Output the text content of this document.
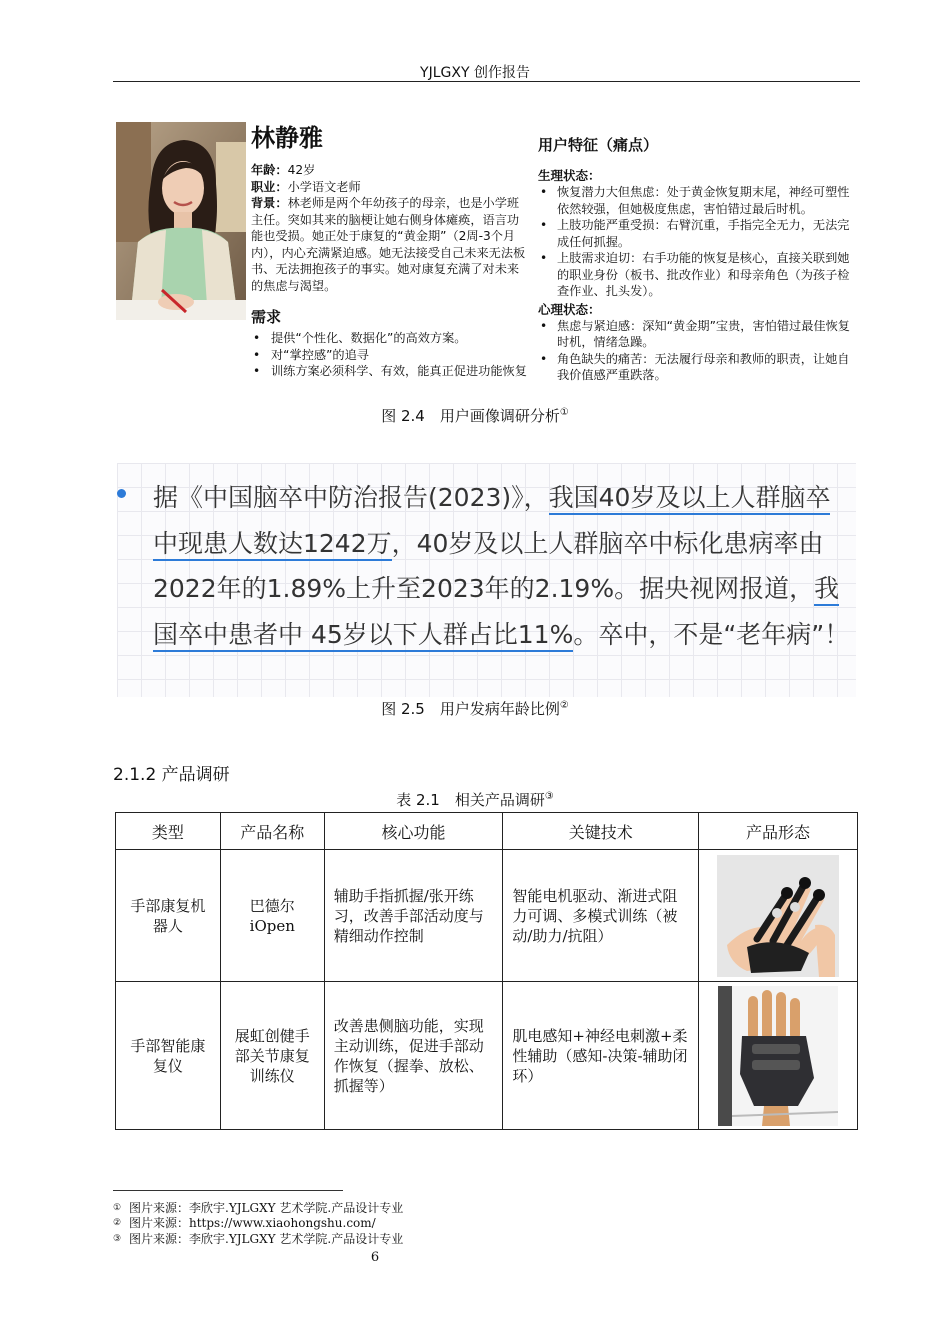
YJLGXY 创作报告
林静雅
年龄：42岁
职业：小学语文老师
背景：林老师是两个年幼孩子的母亲，也是小学班主任。突如其来的脑梗让她右侧身体瘫痪，语言功能也受损。她正处于康复的“黄金期”（2周-3个月内），内心充满紧迫感。她无法接受自己未来无法板书、无法拥抱孩子的事实。她对康复充满了对未来的焦虑与渴望。
需求
• 提供“个性化、数据化”的高效方案。
• 对“掌控感”的追寻
• 训练方案必须科学、有效，能真正促进功能恢复
用户特征（痛点）
生理状态：
• 恢复潜力大但焦虑：处于黄金恢复期末尾，神经可塑性依然较强，但她极度焦虑，害怕错过最后时机。
• 上肢功能严重受损：右臂沉重，手指完全无力，无法完成任何抓握。
• 上肢需求迫切：右手功能的恢复是核心，直接关联到她的职业身份（板书、批改作业）和母亲角色（为孩子检查作业、扎头发）。
心理状态：
• 焦虑与紧迫感：深知“黄金期”宝贵，害怕错过最佳恢复时机，情绪急躁。
• 角色缺失的痛苦：无法履行母亲和教师的职责，让她自我价值感严重跌落。
图 2.4　用户画像调研分析①
据《中国脑卒中防治报告(2023)》，我国40岁及以上人群脑卒中现患人数达1242万，40岁及以上人群脑卒中标化患病率由2022年的1.89%上升至2023年的2.19%。据央视网报道，我国卒中患者中 45岁以下人群占比11%。卒中，不是“老年病”！
图 2.5　用户发病年龄比例②
2.1.2 产品调研
表 2.1　相关产品调研③
类型	产品名称	核心功能	关键技术	产品形态
手部康复机器人	巴德尔 iOpen	辅助手指抓握/张开练习，改善手部活动度与精细动作控制	智能电机驱动、渐进式阻力可调、多模式训练（被动/助力/抗阻）	

手部智能康复仪	展虹创健手部关节康复训练仪	改善患侧脑功能，实现主动训练，促进手部动作恢复（握拳、放松、抓握等）	肌电感知+神经电刺激+柔性辅助（感知-决策-辅助闭环）	
① 图片来源：李欣宇.YJLGXY 艺术学院.产品设计专业
② 图片来源：https://www.xiaohongshu.com/
③ 图片来源：李欣宇.YJLGXY 艺术学院.产品设计专业
6
